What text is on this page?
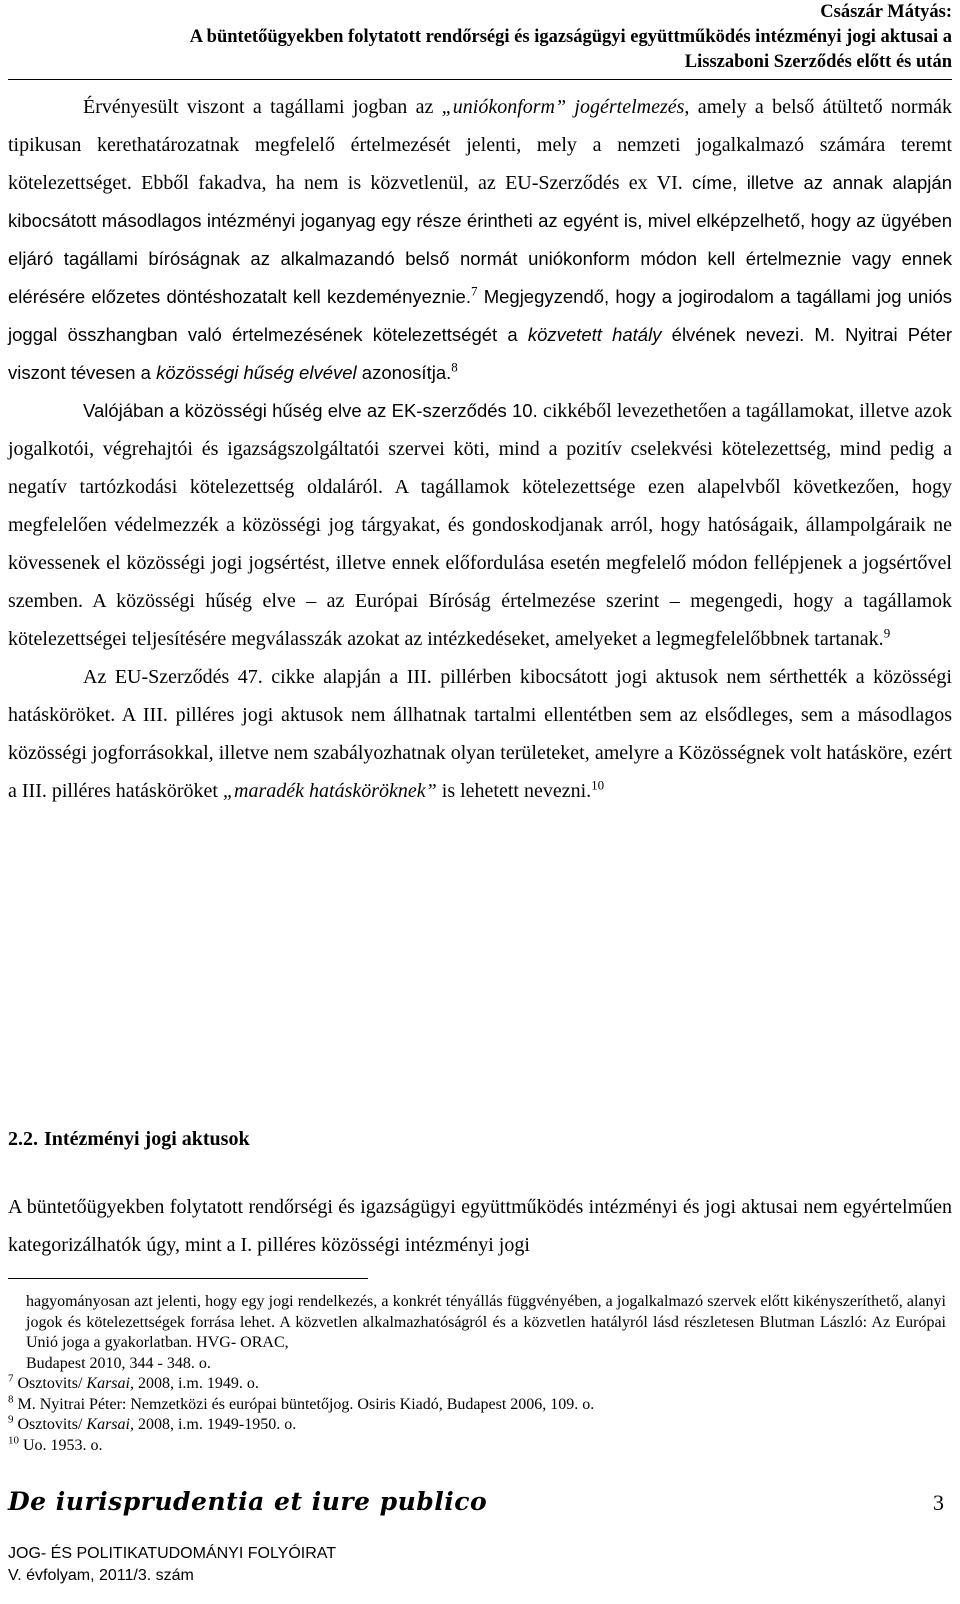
Császár Mátyás:
A büntetőügyekben folytatott rendőrségi és igazságügyi együttműködés intézményi jogi aktusai a
Lisszaboni Szerződés előtt és után

Érvényesült viszont a tagállami jogban az „uniókonform” jogértelmezés, amely a belső átültető normák tipikusan kerethatározatnak megfelelő értelmezését jelenti, mely a nemzeti jogalkalmazó számára teremt kötelezettséget. Ebből fakadva, ha nem is közvetlenül, az EU-Szerződés ex VI. címe, illetve az annak alapján kibocsátott másodlagos intézményi joganyag egy része érintheti az egyént is, mivel elképzelhető, hogy az ügyében eljáró tagállami bíróságnak az alkalmazandó belső normát uniókonform módon kell értelmeznie vagy ennek elérésére előzetes döntéshozatalt kell kezdeményeznie.$^7$ Megjegyzendő, hogy a jogirodalom a tagállami jog uniós joggal összhangban való értelmezésének kötelezettségét a közvetett hatály élvének nevezi. M. Nyitrai Péter viszont tévesen a közösségi hűség elvével azonosítja.$^8$

Valójában a közösségi hűség elve az EK-szerződés 10. cikkéből levezethetően a tagállamokat, illetve azok jogalkotói, végrehajtói és igazságszolgáltatói szervei köti, mind a pozitív cselekvési kötelezettség, mind pedig a negatív tartózkodási kötelezettség oldaláról. A tagállamok kötelezettsége ezen alapelvből következően, hogy megfelelően védelmezzék a közösségi jog tárgyakat, és gondoskodjanak arról, hogy hatóságaik, állampolgáraik ne kövessenek el közösségi jogi jogsértést, illetve ennek előfordulása esetén megfelelő módon fellépjenek a jogsértővel szemben. A közösségi hűség elve – az Európai Bíróság értelmezése szerint – megengedi, hogy a tagállamok kötelezettségei teljesítésére megválasszák azokat az intézkedéseket, amelyeket a legmegfelelőbbnek tartanak.$^9$

Az EU-Szerződés 47. cikke alapján a III. pillérben kibocsátott jogi aktusok nem sérthették a közösségi hatásköröket. A III. pilléres jogi aktusok nem állhatnak tartalmi ellentétben sem az elsődleges, sem a másodlagos közösségi jogforrásokkal, illetve nem szabályozhatnak olyan területeket, amelyre a Közösségnek volt hatásköre, ezért a III. pilléres hatásköröket „maradék hatásköröknek” is lehetett nevezni.$^{10}$

2.2. Intézményi jogi aktusok
A büntetőügyekben folytatott rendőrségi és igazságügyi együttműködés intézményi és jogi aktusai nem egyértelműen kategorizálhatók úgy, mint a I. pilléres közösségi intézményi jogi
hagyományosan azt jelenti, hogy egy jogi rendelkezés, a konkrét tényállás függvényében, a jogalkalmazó szervek előtt kikényszeríthető, alanyi jogok és kötelezettségek forrása lehet. A közvetlen alkalmazhatóságról és a közvetlen hatályról lásd részletesen Blutman László: Az Európai Unió joga a gyakorlatban. HVG- ORAC,
Budapest 2010, 344 - 348. o.
$^7$ Osztovits/ Karsai, 2008, i.m. 1949. o.
$^8$ M. Nyitrai Péter: Nemzetközi és európai büntetőjog. Osiris Kiadó, Budapest 2006, 109. o.
$^9$ Osztovits/ Karsai, 2008, i.m. 1949-1950. o.
$^{10}$ Uo. 1953. o.
De iurisprudentia et iure publico	3
JOG- ÉS POLITIKATUDOMÁNYI FOLYÓIRAT
V. évfolyam, 2011/3. szám
